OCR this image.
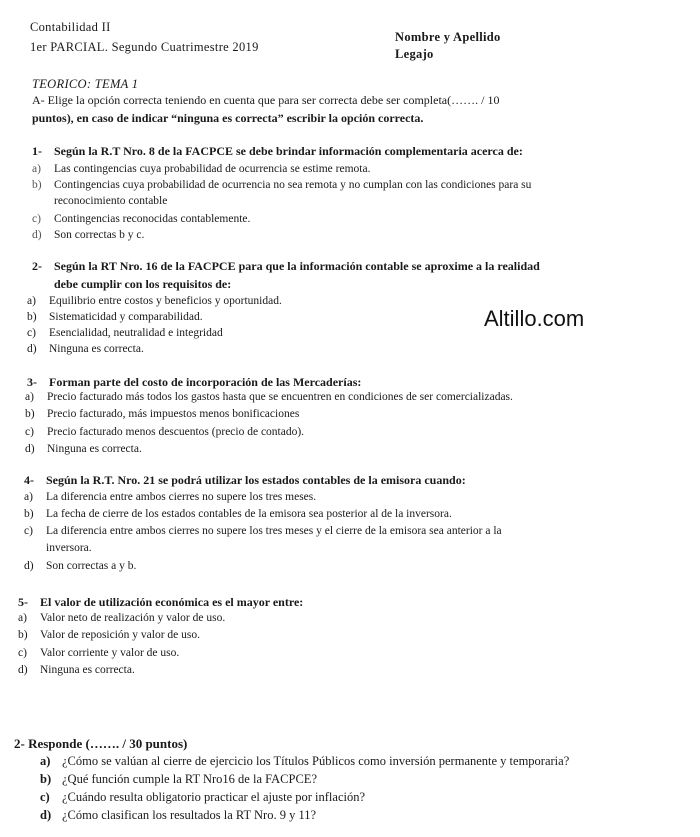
Contabilidad II
1er PARCIAL. Segundo Cuatrimestre 2019
Nombre y Apellido
Legajo
TEORICO: TEMA 1
A- Elige la opción correcta teniendo en cuenta que para ser correcta debe ser completa(……. / 10
puntos), en caso de indicar “ninguna es correcta” escribir la opción correcta.
1- Según la R.T Nro. 8 de la FACPCE se debe brindar información complementaria acerca de:
a) Las contingencias cuya probabilidad de ocurrencia se estime remota.
b) Contingencias cuya probabilidad de ocurrencia no sea remota y no cumplan con las condiciones para su
reconocimiento contable
c) Contingencias reconocidas contablemente.
d) Son correctas b y c.
2- Según la RT Nro. 16 de la FACPCE para que la información contable se aproxime a la realidad
debe cumplir con los requisitos de:
a) Equilibrio entre costos y beneficios y oportunidad.
b) Sistematicidad y comparabilidad.
c) Esencialidad, neutralidad e integridad
d) Ninguna es correcta.
Altillo.com
3- Forman parte del costo de incorporación de las Mercaderías:
a) Precio facturado más todos los gastos hasta que se encuentren en condiciones de ser comercializadas.
b) Precio facturado, más impuestos menos bonificaciones
c) Precio facturado menos descuentos (precio de contado).
d) Ninguna es correcta.
4- Según la R.T. Nro. 21 se podrá utilizar los estados contables de la emisora cuando:
a) La diferencia entre ambos cierres no supere los tres meses.
b) La fecha de cierre de los estados contables de la emisora sea posterior al de la inversora.
c) La diferencia entre ambos cierres no supere los tres meses y el cierre de la emisora sea anterior a la
inversora.
d) Son correctas a y b.
5- El valor de utilización económica es el mayor entre:
a) Valor neto de realización y valor de uso.
b) Valor de reposición y valor de uso.
c) Valor corriente y valor de uso.
d) Ninguna es correcta.
2- Responde (……. / 30 puntos)
a) ¿Cómo se valúan al cierre de ejercicio los Títulos Públicos como inversión permanente y temporaria?
b) ¿Qué función cumple la RT Nro16 de la FACPCE?
c) ¿Cuándo resulta obligatorio practicar el ajuste por inflación?
d) ¿Cómo clasifican los resultados la RT Nro. 9 y 11?
